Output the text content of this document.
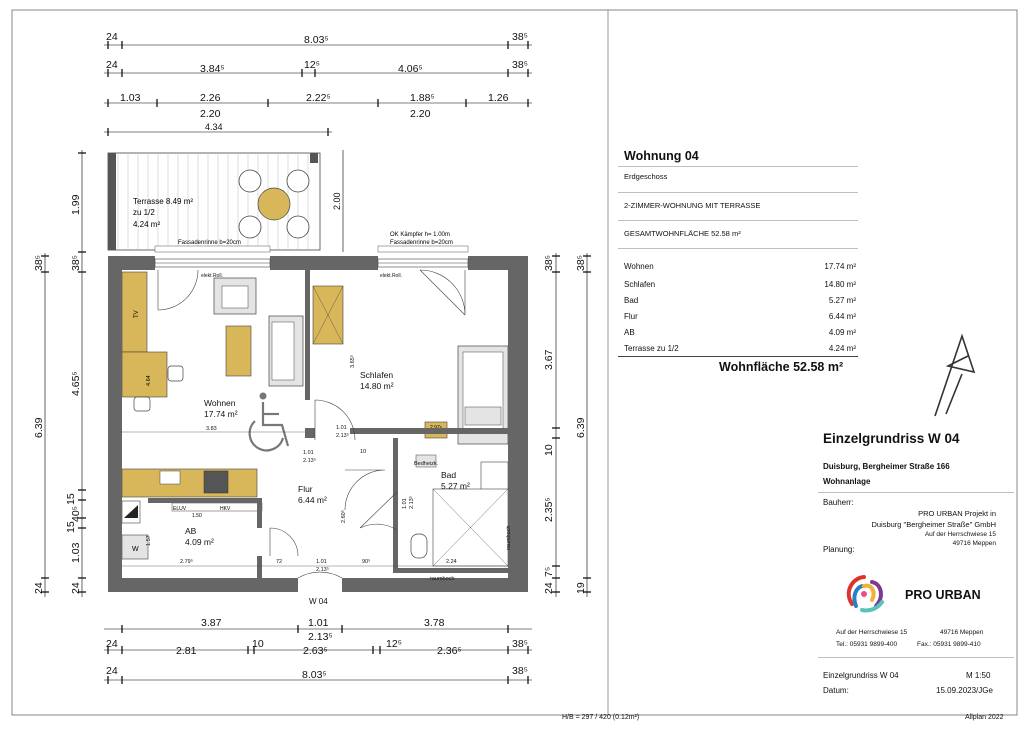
24	8.03⁵	38⁵
24	3.84⁵	12⁵	4.06⁵	38⁵
1.03	2.26	2.22⁵	1.88⁵	1.26
2.20	2.20
4.34
38⁵
6.39
24
1.99
38⁵
4.65⁵
15
40⁵
15
1.03
24
2.00
38⁵
3.67
10
2.35⁵
7⁵
24
38⁵
6.39
19
3.87	1.01
2.13⁵
3.78
24
2.81
10
2.63⁵
12⁵
2.36⁵
38⁵
24	8.03⁵	38⁵
Terrasse 8.49 m²
zu 1/2
4.24 m²
Fassadenrinne b=20cm
OK Kämpfer h= 1.00m
Fassadenrinne b=20cm
TV
4.64
W
ELUV
1.50
HKV
elekt.Roll.	elekt.Roll.
Wohnen
17.74 m²
Schlafen
14.80 m²
Bad
5.27 m²
Flur
6.44 m²
AB
4.09 m²
W 04
3.83	1.01
2.13⁵
1.01 2.13⁵
2.79⁵	1.01
2.13⁵
72	90⁵	2.24
1.57
2.60⁵
3.65⁵
10
1.01
2.13⁵	Bedheizk.
raumhoch
raumhoch
Wohnung 04
Erdgeschoss
2-ZIMMER-WOHNUNG MIT TERRASSE
GESAMTWOHNFLÄCHE 52.58 m²
Wohnen	17.74 m²
Schlafen	14.80 m²
Bad	5.27 m²
Flur	6.44 m²
AB	4.09 m²
Terrasse zu 1/2	4.24 m²
Wohnfläche 52.58 m²
Einzelgrundriss W 04
Duisburg, Bergheimer Straße 166
Wohnanlage
Bauherr:
PRO URBAN Projekt in
Duisburg "Bergheimer Straße" GmbH
Auf der Herrschwiese 15
49716 Meppen
Planung:
PRO URBAN
Auf der Herrschwiese 15	49716 Meppen
Tel.: 05931 9899-400	Fax.: 05931 9899-410
Einzelgrundriss W 04	M 1:50
Datum:	15.09.2023/JGe
H/B = 297 / 420 (0.12m²)	Allplan 2022
